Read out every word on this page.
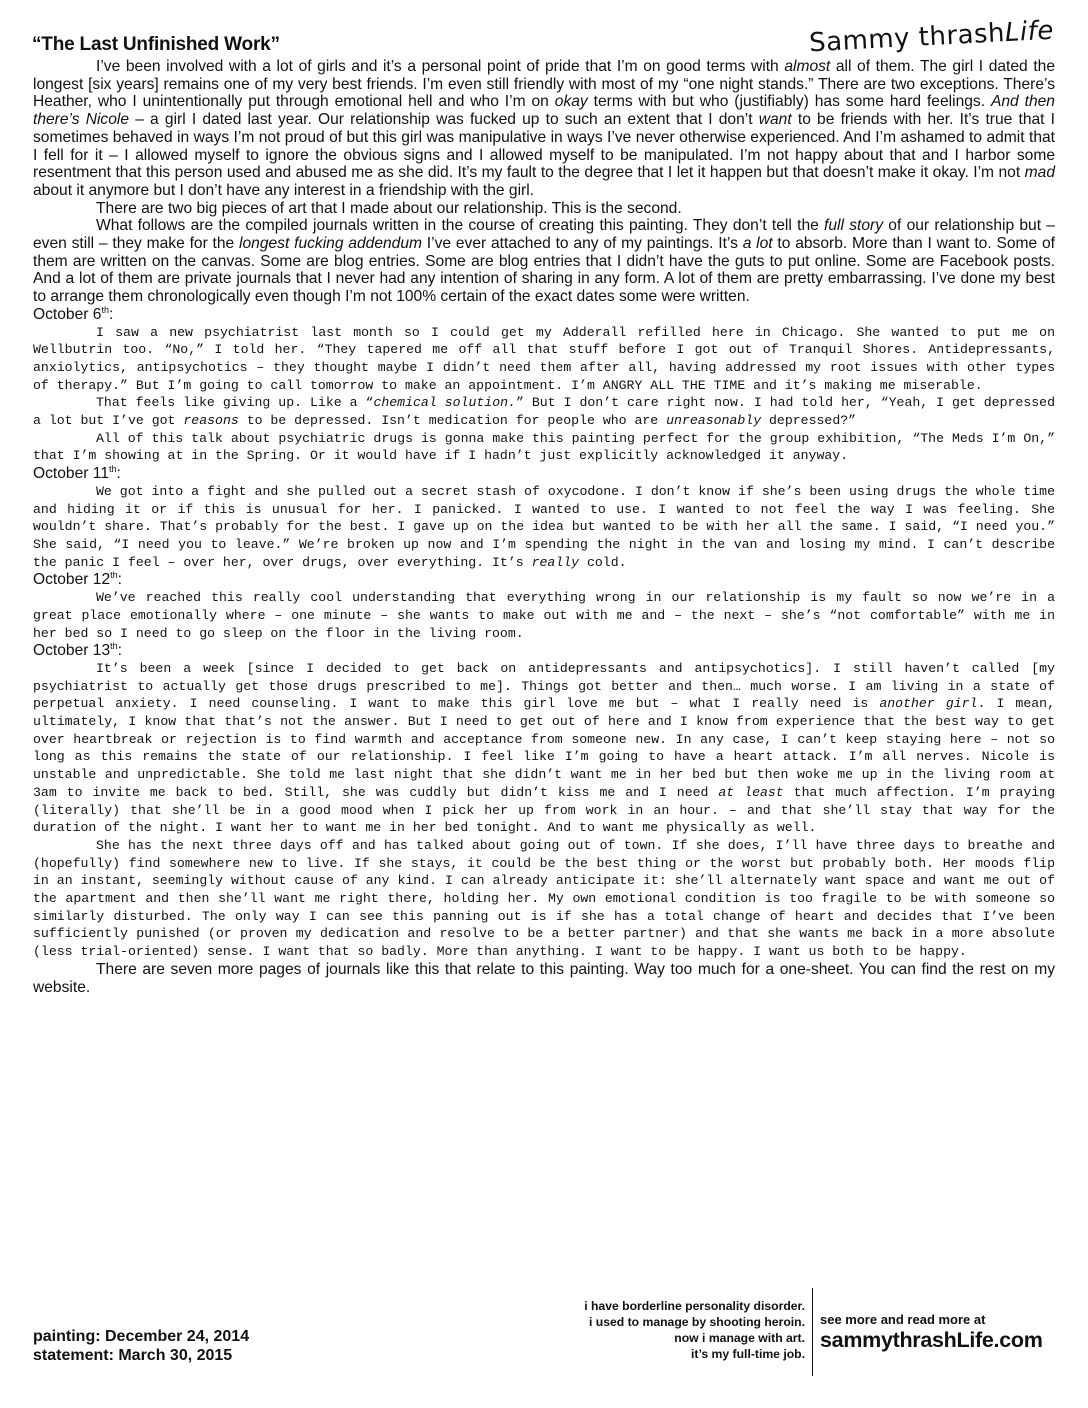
“The Last Unfinished Work”	Sammy thrashLife

I’ve been involved with a lot of girls and it’s a personal point of pride that I’m on good terms with almost all of them. The girl I dated the longest [six years] remains one of my very best friends. I’m even still friendly with most of my “one night stands.” There are two exceptions. There’s Heather, who I unintentionally put through emotional hell and who I’m on okay terms with but who (justifiably) has some hard feelings. And then there’s Nicole – a girl I dated last year. Our relationship was fucked up to such an extent that I don’t want to be friends with her. It’s true that I sometimes behaved in ways I’m not proud of but this girl was manipulative in ways I’ve never otherwise experienced. And I’m ashamed to admit that I fell for it – I allowed myself to ignore the obvious signs and I allowed myself to be manipulated. I’m not happy about that and I harbor some resentment that this person used and abused me as she did. It’s my fault to the degree that I let it happen but that doesn’t make it okay. I’m not mad about it anymore but I don’t have any interest in a friendship with the girl.

There are two big pieces of art that I made about our relationship. This is the second.

What follows are the compiled journals written in the course of creating this painting. They don’t tell the full story of our relationship but – even still – they make for the longest fucking addendum I’ve ever attached to any of my paintings. It’s a lot to absorb. More than I want to. Some of them are written on the canvas. Some are blog entries. Some are blog entries that I didn’t have the guts to put online. Some are Facebook posts. And a lot of them are private journals that I never had any intention of sharing in any form. A lot of them are pretty embarrassing. I’ve done my best to arrange them chronologically even though I’m not 100% certain of the exact dates some were written.

October 6th:

I saw a new psychiatrist last month so I could get my Adderall refilled here in Chicago. She wanted to put me on Wellbutrin too. “No,” I told her. “They tapered me off all that stuff before I got out of Tranquil Shores. Antidepressants, anxiolytics, antipsychotics – they thought maybe I didn’t need them after all, having addressed my root issues with other types of therapy.” But I’m going to call tomorrow to make an appointment. I’m ANGRY ALL THE TIME and it’s making me miserable.

That feels like giving up. Like a “chemical solution.” But I don’t care right now. I had told her, “Yeah, I get depressed a lot but I’ve got reasons to be depressed. Isn’t medication for people who are unreasonably depressed?”

All of this talk about psychiatric drugs is gonna make this painting perfect for the group exhibition, “The Meds I’m On,” that I’m showing at in the Spring. Or it would have if I hadn’t just explicitly acknowledged it anyway.

October 11th:

We got into a fight and she pulled out a secret stash of oxycodone. I don’t know if she’s been using drugs the whole time and hiding it or if this is unusual for her. I panicked. I wanted to use. I wanted to not feel the way I was feeling. She wouldn’t share. That’s probably for the best. I gave up on the idea but wanted to be with her all the same. I said, “I need you.” She said, “I need you to leave.” We’re broken up now and I’m spending the night in the van and losing my mind. I can’t describe the panic I feel – over her, over drugs, over everything. It’s really cold.

October 12th:

We’ve reached this really cool understanding that everything wrong in our relationship is my fault so now we’re in a great place emotionally where – one minute – she wants to make out with me and – the next – she’s “not comfortable” with me in her bed so I need to go sleep on the floor in the living room.

October 13th:

It’s been a week [since I decided to get back on antidepressants and antipsychotics]. I still haven’t called [my psychiatrist to actually get those drugs prescribed to me]. Things got better and then… much worse. I am living in a state of perpetual anxiety. I need counseling. I want to make this girl love me but – what I really need is another girl. I mean, ultimately, I know that that’s not the answer. But I need to get out of here and I know from experience that the best way to get over heartbreak or rejection is to find warmth and acceptance from someone new. In any case, I can’t keep staying here – not so long as this remains the state of our relationship. I feel like I’m going to have a heart attack. I’m all nerves. Nicole is unstable and unpredictable. She told me last night that she didn’t want me in her bed but then woke me up in the living room at 3am to invite me back to bed. Still, she was cuddly but didn’t kiss me and I need at least that much affection. I’m praying (literally) that she’ll be in a good mood when I pick her up from work in an hour. – and that she’ll stay that way for the duration of the night. I want her to want me in her bed tonight. And to want me physically as well.

She has the next three days off and has talked about going out of town. If she does, I’ll have three days to breathe and (hopefully) find somewhere new to live. If she stays, it could be the best thing or the worst but probably both. Her moods flip in an instant, seemingly without cause of any kind. I can already anticipate it: she’ll alternately want space and want me out of the apartment and then she’ll want me right there, holding her. My own emotional condition is too fragile to be with someone so similarly disturbed. The only way I can see this panning out is if she has a total change of heart and decides that I’ve been sufficiently punished (or proven my dedication and resolve to be a better partner) and that she wants me back in a more absolute (less trial-oriented) sense. I want that so badly. More than anything. I want to be happy. I want us both to be happy.

There are seven more pages of journals like this that relate to this painting. Way too much for a one-sheet. You can find the rest on my website.

painting: December 24, 2014
statement: March 30, 2015
i have borderline personality disorder.
i used to manage by shooting heroin.
now i manage with art.
it’s my full-time job.
see more and read more at
sammythrashLife.com
